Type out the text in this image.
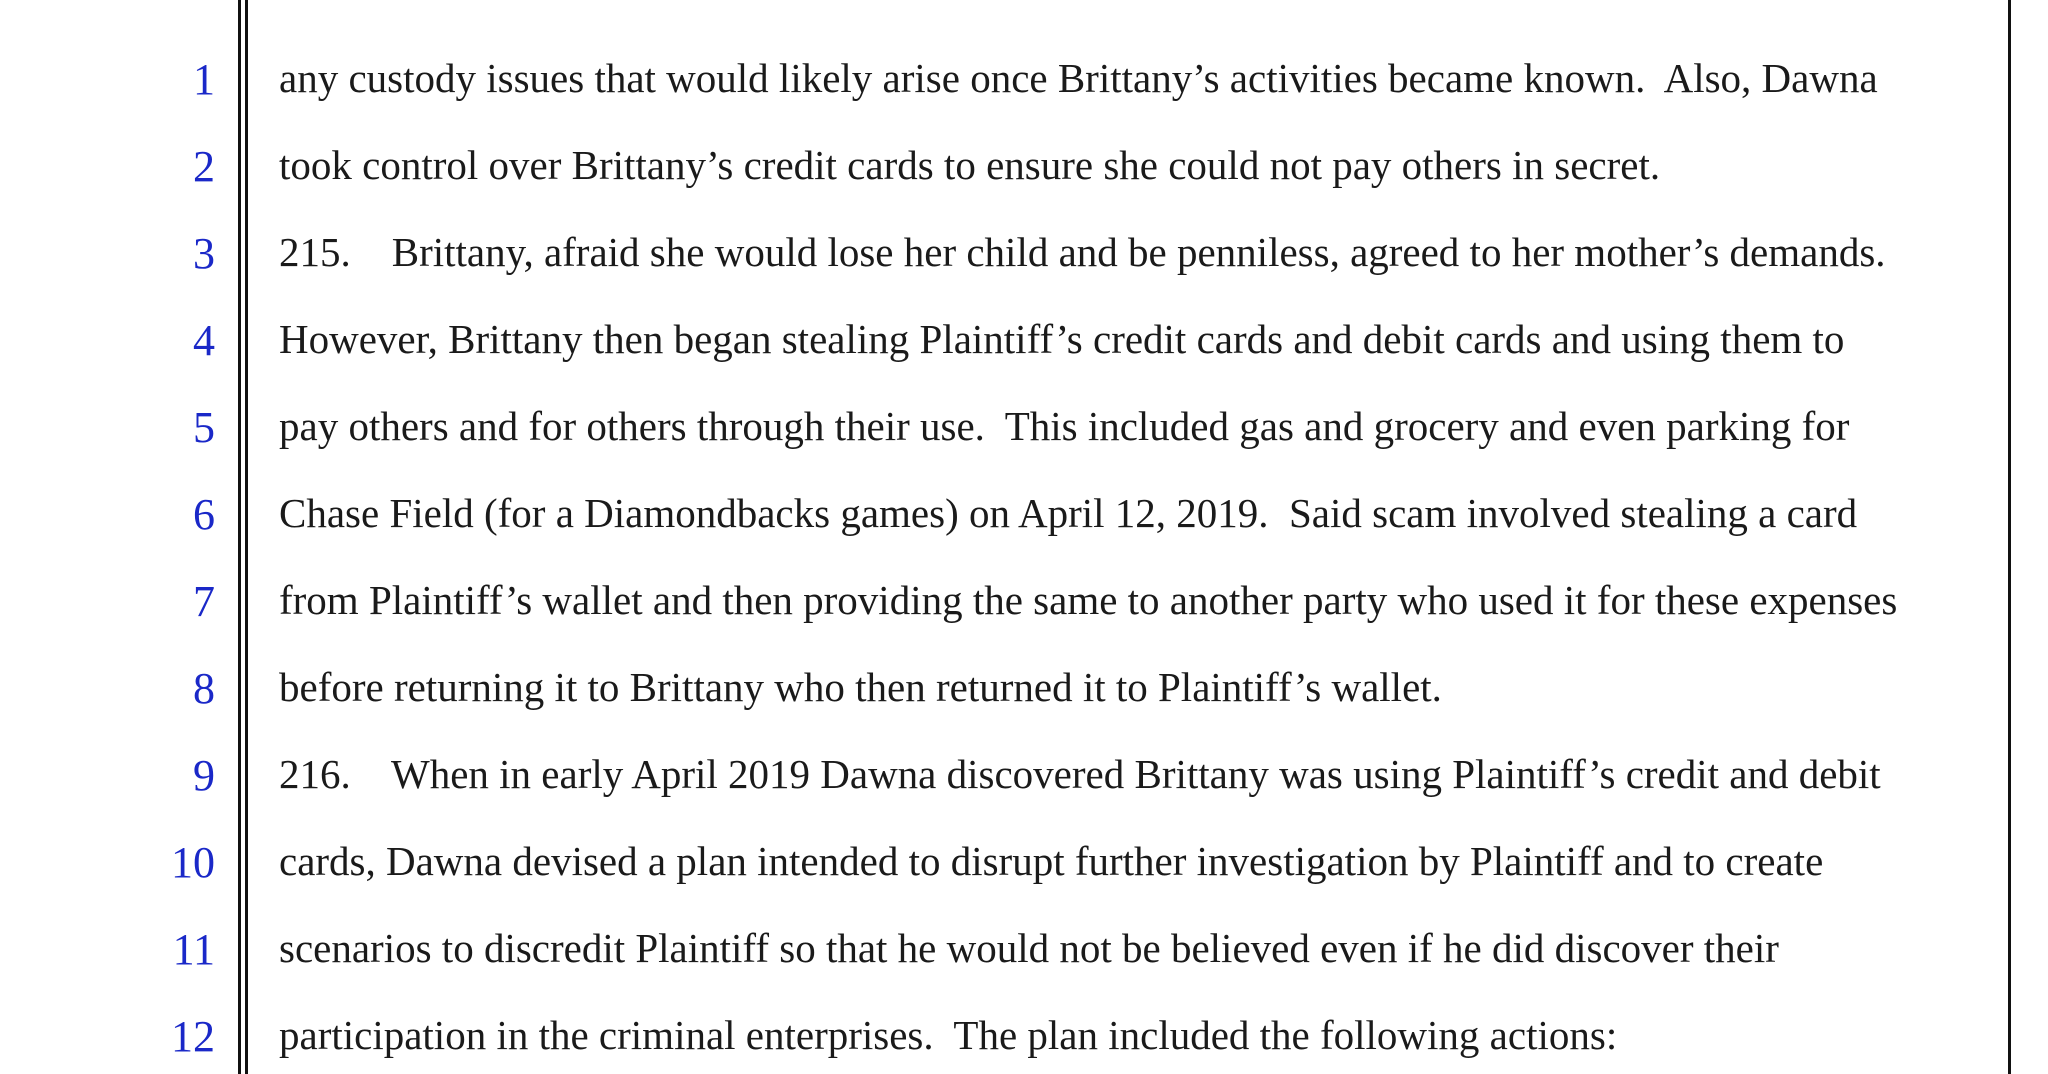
1
2
3
4
5
6
7
8
9
10
11
12
any custody issues that would likely arise once Brittany’s activities became known.  Also, Dawna
took control over Brittany’s credit cards to ensure she could not pay others in secret.
215.    Brittany, afraid she would lose her child and be penniless, agreed to her mother’s demands.
However, Brittany then began stealing Plaintiff’s credit cards and debit cards and using them to
pay others and for others through their use.  This included gas and grocery and even parking for
Chase Field (for a Diamondbacks games) on April 12, 2019.  Said scam involved stealing a card
from Plaintiff’s wallet and then providing the same to another party who used it for these expenses
before returning it to Brittany who then returned it to Plaintiff’s wallet.
216.    When in early April 2019 Dawna discovered Brittany was using Plaintiff’s credit and debit
cards, Dawna devised a plan intended to disrupt further investigation by Plaintiff and to create
scenarios to discredit Plaintiff so that he would not be believed even if he did discover their
participation in the criminal enterprises.  The plan included the following actions:
